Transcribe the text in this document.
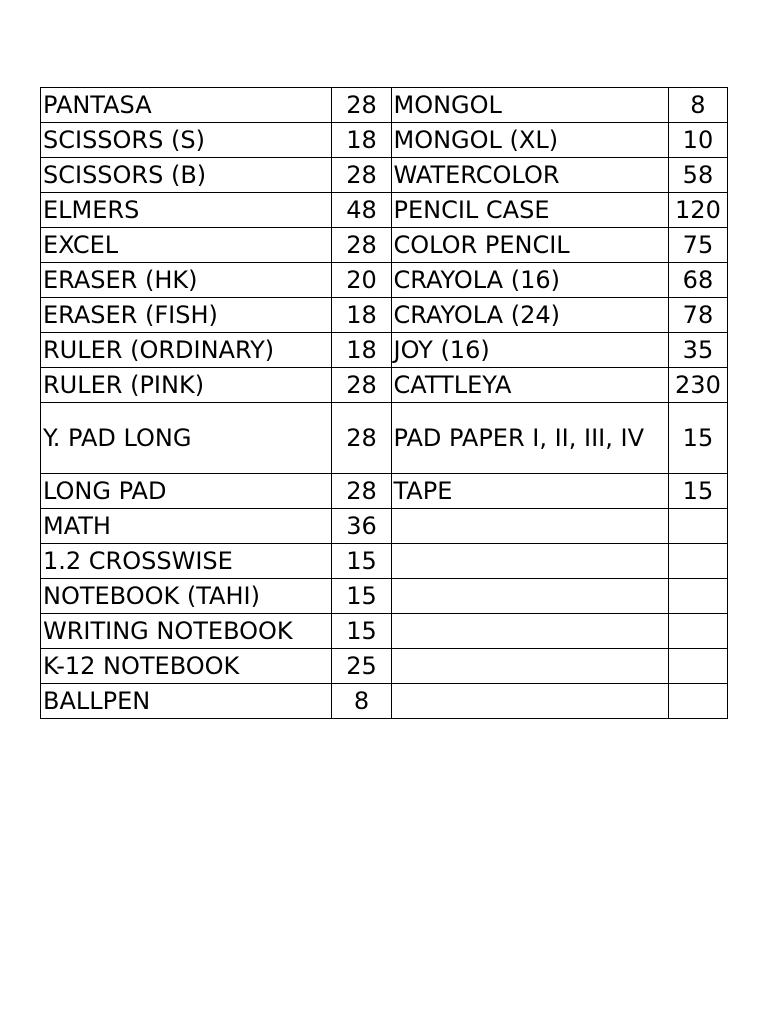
PANTASA	28	MONGOL	8
SCISSORS (S)	18	MONGOL (XL)	10
SCISSORS (B)	28	WATERCOLOR	58
ELMERS	48	PENCIL CASE	120
EXCEL	28	COLOR PENCIL	75
ERASER (HK)	20	CRAYOLA (16)	68
ERASER (FISH)	18	CRAYOLA (24)	78
RULER (ORDINARY)	18	JOY (16)	35
RULER (PINK)	28	CATTLEYA	230
Y. PAD LONG	28	PAD PAPER I, II, III, IV	15
LONG PAD	28	TAPE	15
MATH	36		
1.2 CROSSWISE	15		
NOTEBOOK (TAHI)	15		
WRITING NOTEBOOK	15		
K-12 NOTEBOOK	25		
BALLPEN	8		
